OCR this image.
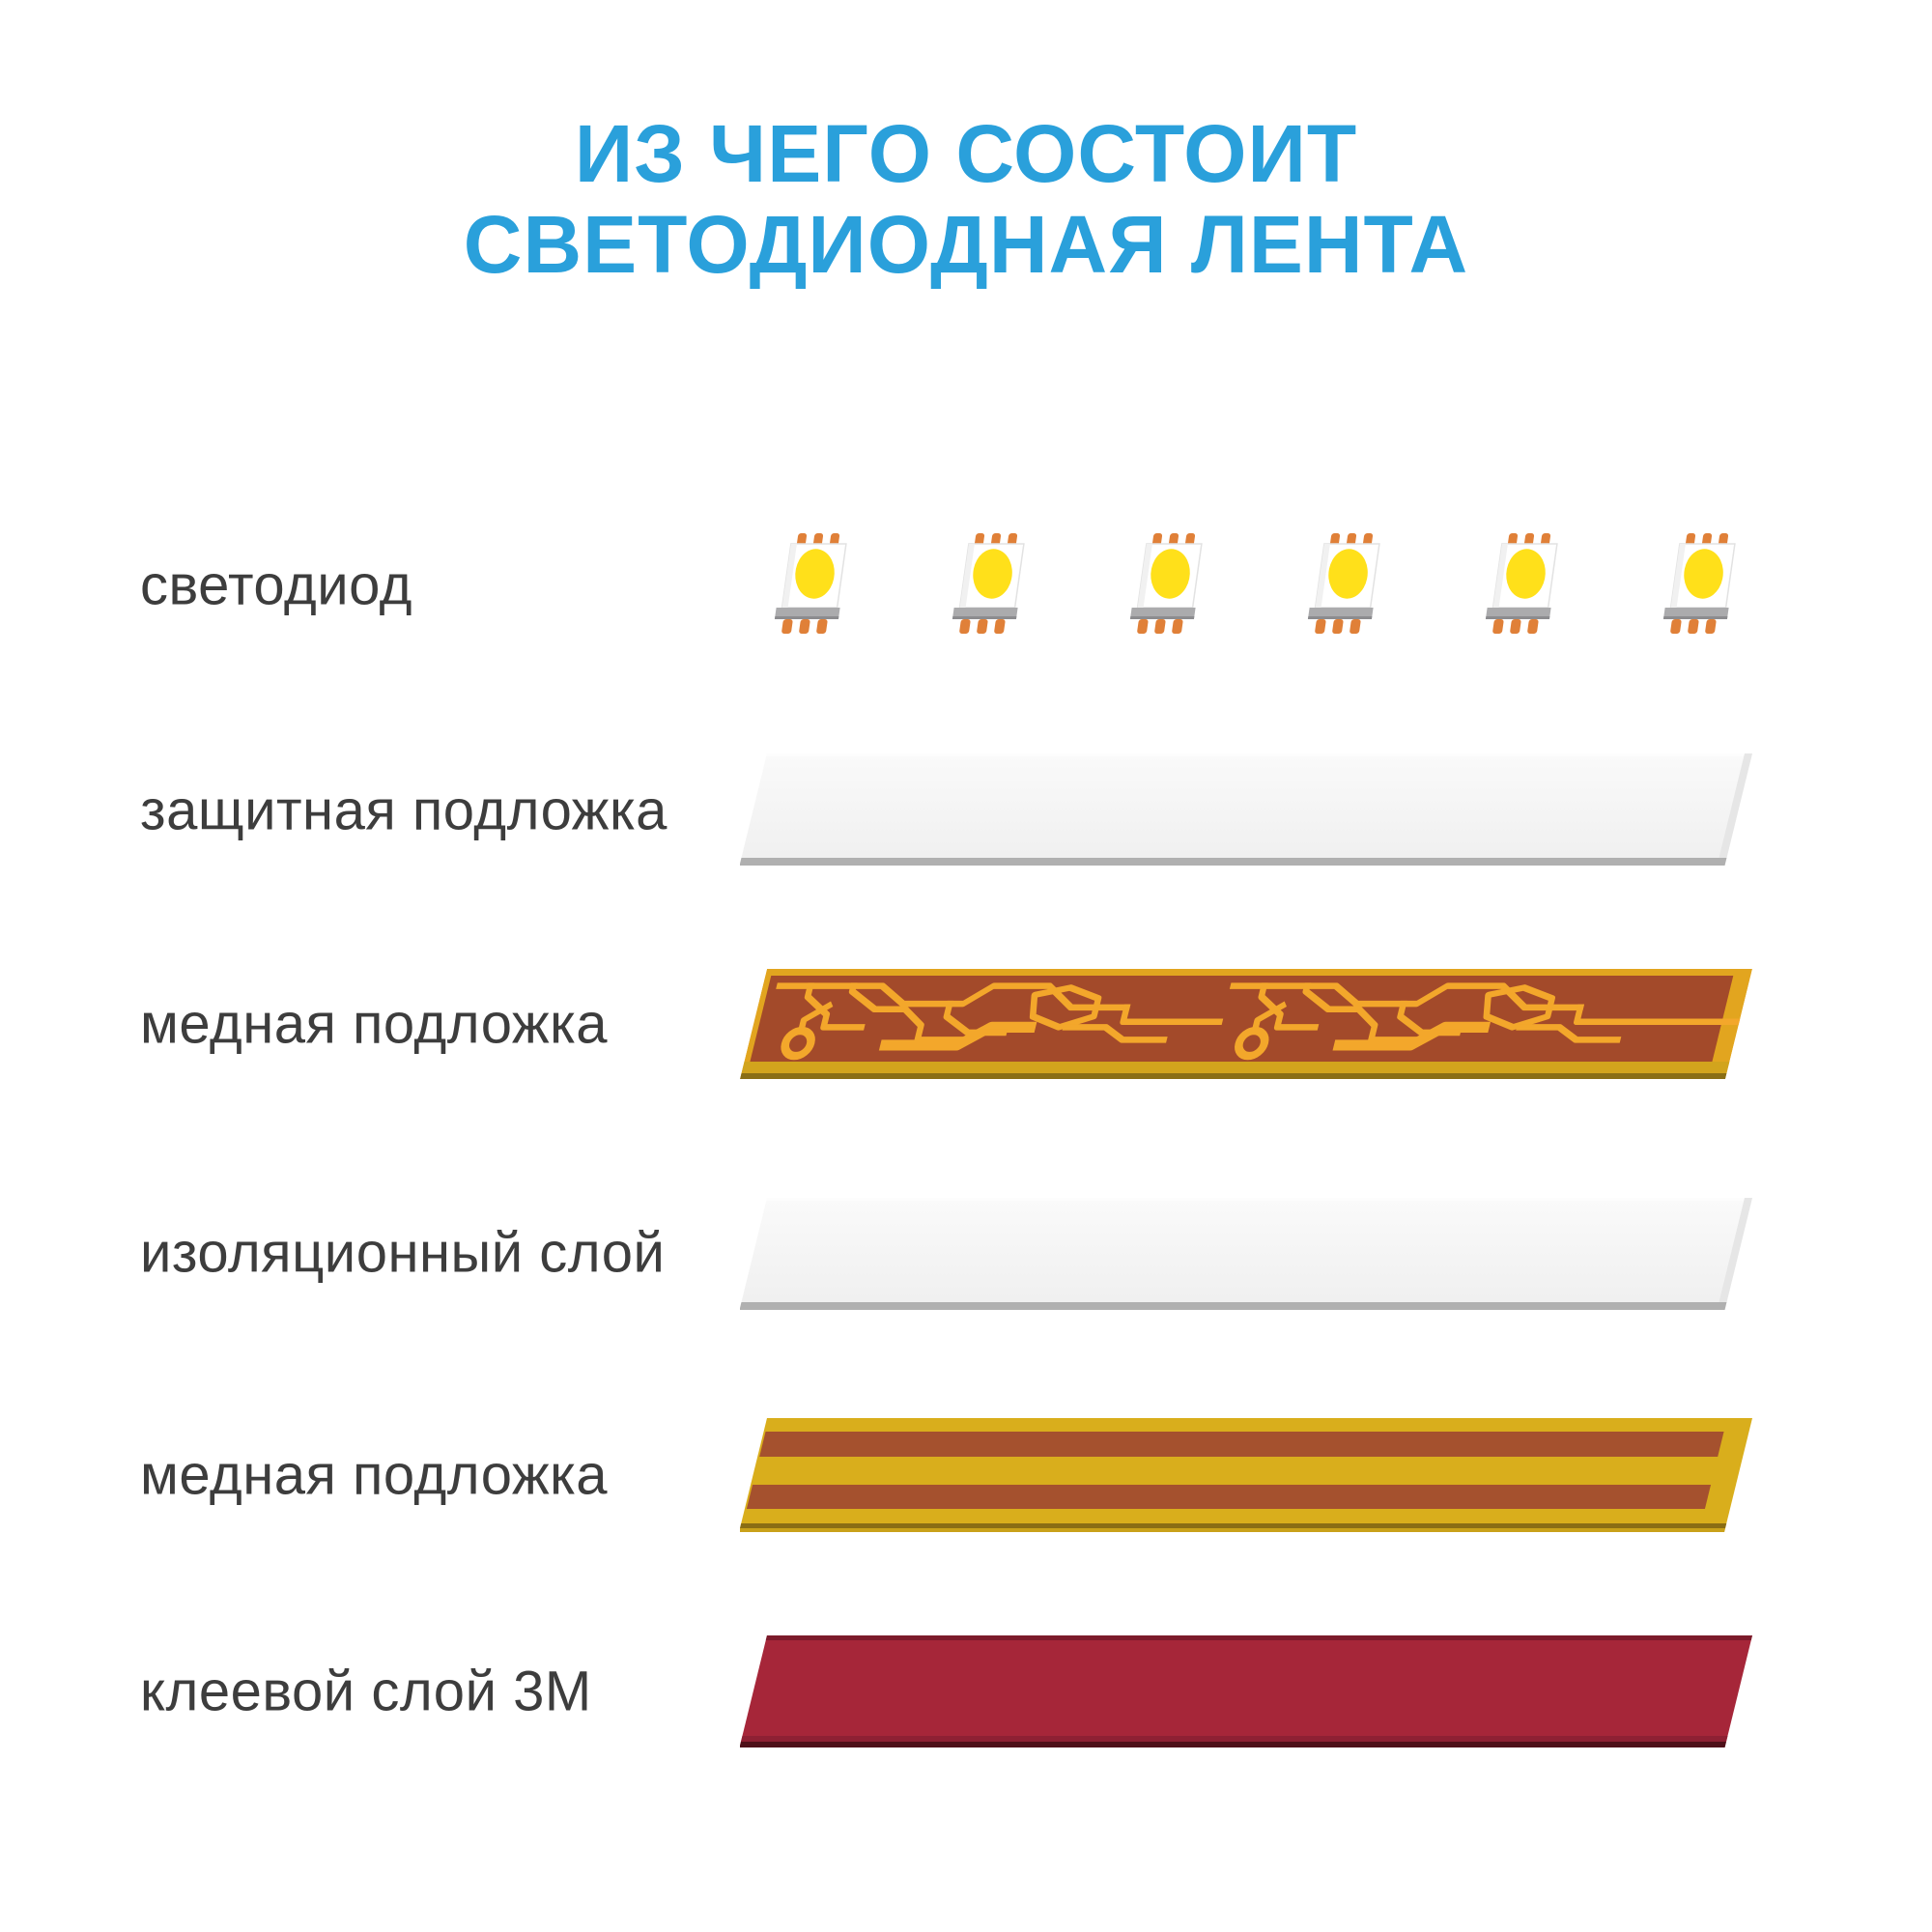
ИЗ ЧЕГО СОСТОИТ
СВЕТОДИОДНАЯ ЛЕНТА
светодиод
защитная подложка
медная подложка
изоляционный слой
медная подложка
клеевой слой 3М
